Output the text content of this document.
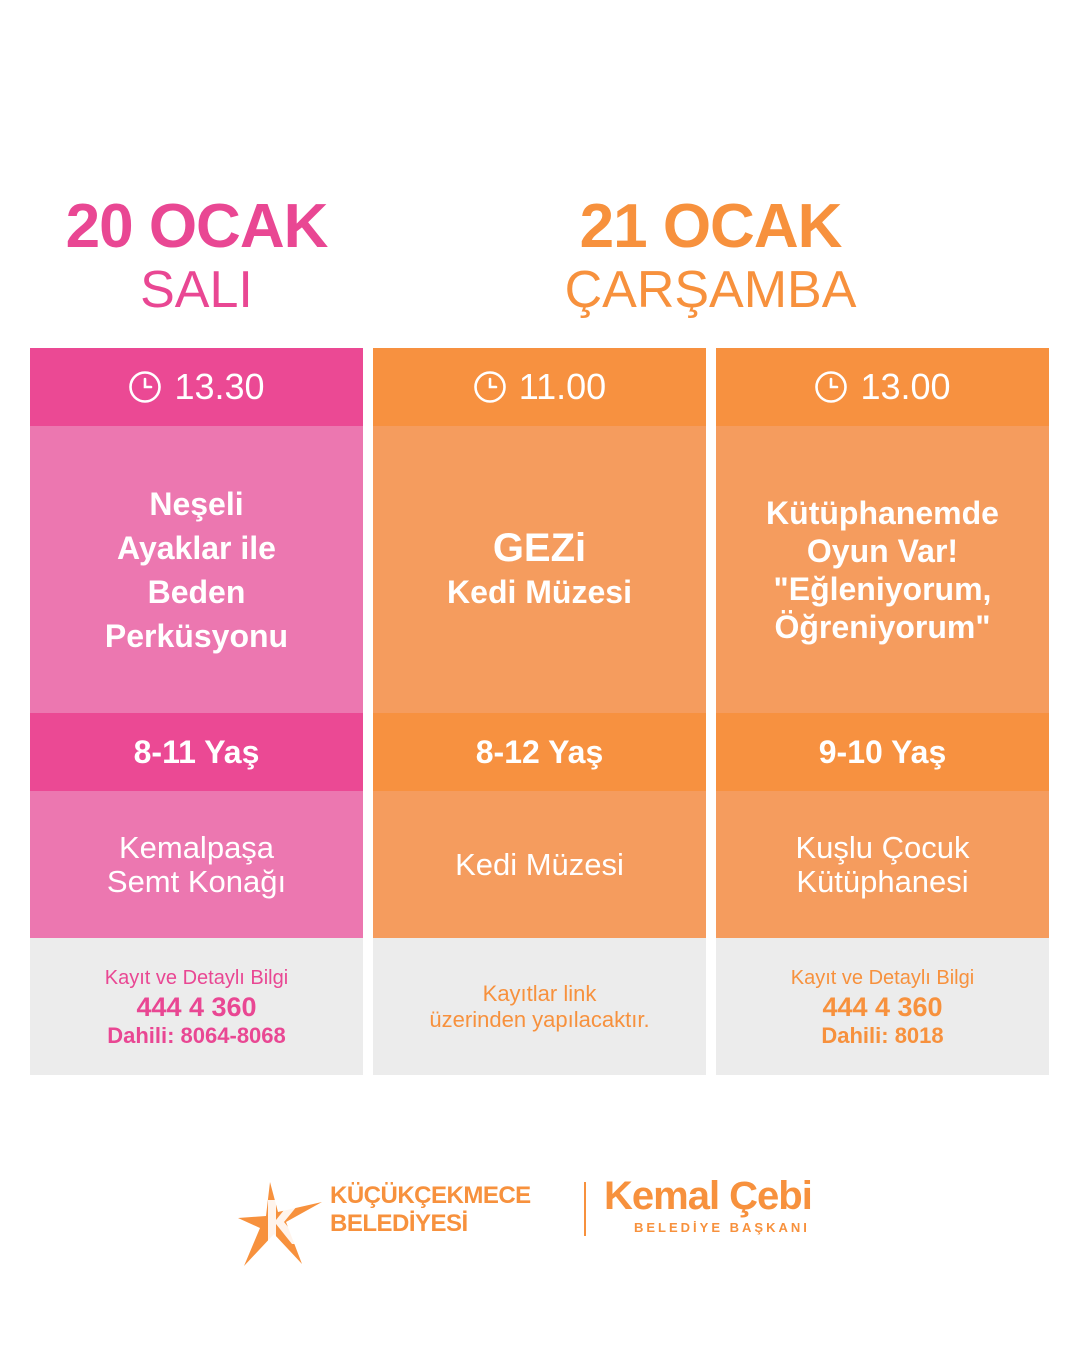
20 OCAK
SALI
21 OCAK
ÇARŞAMBA
13.30
Neşeli
Ayaklar ile
Beden
Perküsyonu
8-11 Yaş
Kemalpaşa
Semt Konağı
Kayıt ve Detaylı Bilgi
444 4 360
Dahili: 8064-8068
11.00
GEZi
Kedi Müzesi
8-12 Yaş
Kedi Müzesi
Kayıtlar link
üzerinden yapılacaktır.
13.00
Kütüphanemde
Oyun Var!
"Eğleniyorum,
Öğreniyorum"
9-10 Yaş
Kuşlu Çocuk
Kütüphanesi
Kayıt ve Detaylı Bilgi
444 4 360
Dahili: 8018
KÜÇÜKÇEKMECE
BELEDİYESİ
Kemal Çebi
BELEDİYE BAŞKANI
